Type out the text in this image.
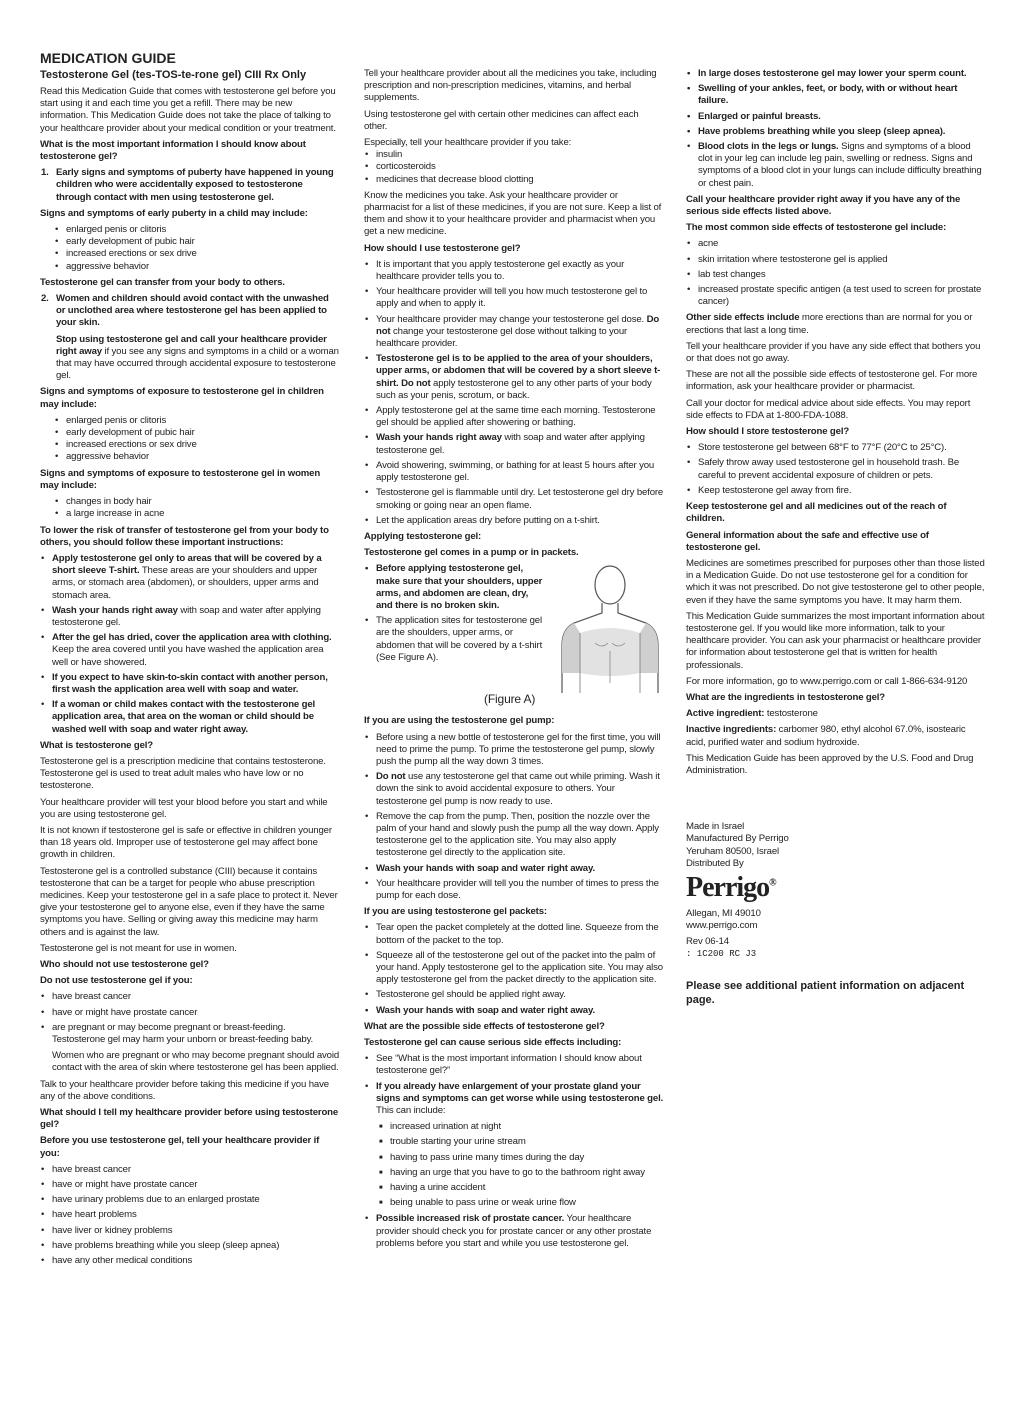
MEDICATION GUIDE
Testosterone Gel (tes-TOS-te-rone gel) CIII Rx Only

Read this Medication Guide that comes with testosterone gel before you start using it and each time you get a refill. There may be new information. This Medication Guide does not take the place of talking to your healthcare provider about your medical condition or your treatment.

What is the most important information I should know about testosterone gel?

1. Early signs and symptoms of puberty have happened in young children who were accidentally exposed to testosterone through contact with men using testosterone gel.

Signs and symptoms of early puberty in a child may include:

• enlarged penis or clitoris
• early development of pubic hair
• increased erections or sex drive
• aggressive behavior

Testosterone gel can transfer from your body to others.

2. Women and children should avoid contact with the unwashed or unclothed area where testosterone gel has been applied to your skin.

Stop using testosterone gel and call your healthcare provider right away if you see any signs and symptoms in a child or a woman that may have occurred through accidental exposure to testosterone gel.

Signs and symptoms of exposure to testosterone gel in children may include:

• enlarged penis or clitoris
• early development of pubic hair
• increased erections or sex drive
• aggressive behavior

Signs and symptoms of exposure to testosterone gel in women may include:

• changes in body hair
• a large increase in acne

To lower the risk of transfer of testosterone gel from your body to others, you should follow these important instructions:

• Apply testosterone gel only to areas that will be covered by a short sleeve T-shirt. These areas are your shoulders and upper arms, or stomach area (abdomen), or shoulders, upper arms and stomach area.
• Wash your hands right away with soap and water after applying testosterone gel.
• After the gel has dried, cover the application area with clothing. Keep the area covered until you have washed the application area well or have showered.
• If you expect to have skin-to-skin contact with another person, first wash the application area well with soap and water.
• If a woman or child makes contact with the testosterone gel application area, that area on the woman or child should be washed well with soap and water right away.

What is testosterone gel?

Testosterone gel is a prescription medicine that contains testosterone. Testosterone gel is used to treat adult males who have low or no testosterone.

Your healthcare provider will test your blood before you start and while you are using testosterone gel.

It is not known if testosterone gel is safe or effective in children younger than 18 years old. Improper use of testosterone gel may affect bone growth in children.

Testosterone gel is a controlled substance (CIII) because it contains testosterone that can be a target for people who abuse prescription medicines. Keep your testosterone gel in a safe place to protect it. Never give your testosterone gel to anyone else, even if they have the same symptoms you have. Selling or giving away this medicine may harm others and is against the law.

Testosterone gel is not meant for use in women.

Who should not use testosterone gel?

Do not use testosterone gel if you:

• have breast cancer
• have or might have prostate cancer
• are pregnant or may become pregnant or breast-feeding. Testosterone gel may harm your unborn or breast-feeding baby.

Women who are pregnant or who may become pregnant should avoid contact with the area of skin where testosterone gel has been applied.

Talk to your healthcare provider before taking this medicine if you have any of the above conditions.

What should I tell my healthcare provider before using testosterone gel?

Before you use testosterone gel, tell your healthcare provider if you:

• have breast cancer
• have or might have prostate cancer
• have urinary problems due to an enlarged prostate
• have heart problems
• have liver or kidney problems
• have problems breathing while you sleep (sleep apnea)
• have any other medical conditions

Tell your healthcare provider about all the medicines you take, including prescription and non-prescription medicines, vitamins, and herbal supplements.

Using testosterone gel with certain other medicines can affect each other.

Especially, tell your healthcare provider if you take:

• insulin
• corticosteroids
• medicines that decrease blood clotting

Know the medicines you take. Ask your healthcare provider or pharmacist for a list of these medicines, if you are not sure. Keep a list of them and show it to your healthcare provider and pharmacist when you get a new medicine.

How should I use testosterone gel?

• It is important that you apply testosterone gel exactly as your healthcare provider tells you to.
• Your healthcare provider will tell you how much testosterone gel to apply and when to apply it.
• Your healthcare provider may change your testosterone gel dose. Do not change your testosterone gel dose without talking to your healthcare provider.
• Testosterone gel is to be applied to the area of your shoulders, upper arms, or abdomen that will be covered by a short sleeve t-shirt. Do not apply testosterone gel to any other parts of your body such as your penis, scrotum, or back.
• Apply testosterone gel at the same time each morning. Testosterone gel should be applied after showering or bathing.
• Wash your hands right away with soap and water after applying testosterone gel.
• Avoid showering, swimming, or bathing for at least 5 hours after you apply testosterone gel.
• Testosterone gel is flammable until dry. Let testosterone gel dry before smoking or going near an open flame.
• Let the application areas dry before putting on a t-shirt.

Applying testosterone gel:

Testosterone gel comes in a pump or in packets.

• Before applying testosterone gel, make sure that your shoulders, upper arms, and abdomen are clean, dry, and there is no broken skin.
• The application sites for testosterone gel are the shoulders, upper arms, or abdomen that will be covered by a t-shirt (See Figure A).
(Figure A)

If you are using the testosterone gel pump:

• Before using a new bottle of testosterone gel for the first time, you will need to prime the pump. To prime the testosterone gel pump, slowly push the pump all the way down 3 times.
• Do not use any testosterone gel that came out while priming. Wash it down the sink to avoid accidental exposure to others. Your testosterone gel pump is now ready to use.
• Remove the cap from the pump. Then, position the nozzle over the palm of your hand and slowly push the pump all the way down. Apply testosterone gel to the application site. You may also apply testosterone gel directly to the application site.
• Wash your hands with soap and water right away.
• Your healthcare provider will tell you the number of times to press the pump for each dose.

If you are using testosterone gel packets:

• Tear open the packet completely at the dotted line. Squeeze from the bottom of the packet to the top.
• Squeeze all of the testosterone gel out of the packet into the palm of your hand. Apply testosterone gel to the application site. You may also apply testosterone gel from the packet directly to the application site.
• Testosterone gel should be applied right away.
• Wash your hands with soap and water right away.

What are the possible side effects of testosterone gel?

Testosterone gel can cause serious side effects including:

• See “What is the most important information I should know about testosterone gel?”
• If you already have enlargement of your prostate gland your signs and symptoms can get worse while using testosterone gel. This can include:
■ increased urination at night
■ trouble starting your urine stream
■ having to pass urine many times during the day
■ having an urge that you have to go to the bathroom right away
■ having a urine accident
■ being unable to pass urine or weak urine flow
• Possible increased risk of prostate cancer. Your healthcare provider should check you for prostate cancer or any other prostate problems before you start and while you use testosterone gel.
• In large doses testosterone gel may lower your sperm count.
• Swelling of your ankles, feet, or body, with or without heart failure.
• Enlarged or painful breasts.
• Have problems breathing while you sleep (sleep apnea).
• Blood clots in the legs or lungs. Signs and symptoms of a blood clot in your leg can include leg pain, swelling or redness. Signs and symptoms of a blood clot in your lungs can include difficulty breathing or chest pain.

Call your healthcare provider right away if you have any of the serious side effects listed above.

The most common side effects of testosterone gel include:

• acne
• skin irritation where testosterone gel is applied
• lab test changes
• increased prostate specific antigen (a test used to screen for prostate cancer)

Other side effects include more erections than are normal for you or erections that last a long time.

Tell your healthcare provider if you have any side effect that bothers you or that does not go away.

These are not all the possible side effects of testosterone gel. For more information, ask your healthcare provider or pharmacist.

Call your doctor for medical advice about side effects. You may report side effects to FDA at 1-800-FDA-1088.

How should I store testosterone gel?

• Store testosterone gel between 68°F to 77°F (20°C to 25°C).
• Safely throw away used testosterone gel in household trash. Be careful to prevent accidental exposure of children or pets.
• Keep testosterone gel away from fire.

Keep testosterone gel and all medicines out of the reach of children.

General information about the safe and effective use of testosterone gel.

Medicines are sometimes prescribed for purposes other than those listed in a Medication Guide. Do not use testosterone gel for a condition for which it was not prescribed. Do not give testosterone gel to other people, even if they have the same symptoms you have. It may harm them.

This Medication Guide summarizes the most important information about testosterone gel. If you would like more information, talk to your healthcare provider. You can ask your pharmacist or healthcare provider for information about testosterone gel that is written for health professionals.

For more information, go to www.perrigo.com or call 1-866-634-9120

What are the ingredients in testosterone gel?

Active ingredient: testosterone

Inactive ingredients: carbomer 980, ethyl alcohol 67.0%, isostearic acid, purified water and sodium hydroxide.

This Medication Guide has been approved by the U.S. Food and Drug Administration.

Made in Israel
Manufactured By Perrigo
Yeruham 80500, Israel
Distributed By
Perrigo®
Allegan, MI 49010
www.perrigo.com
Rev 06-14
: 1C200 RC J3
Please see additional patient information on adjacent page.
